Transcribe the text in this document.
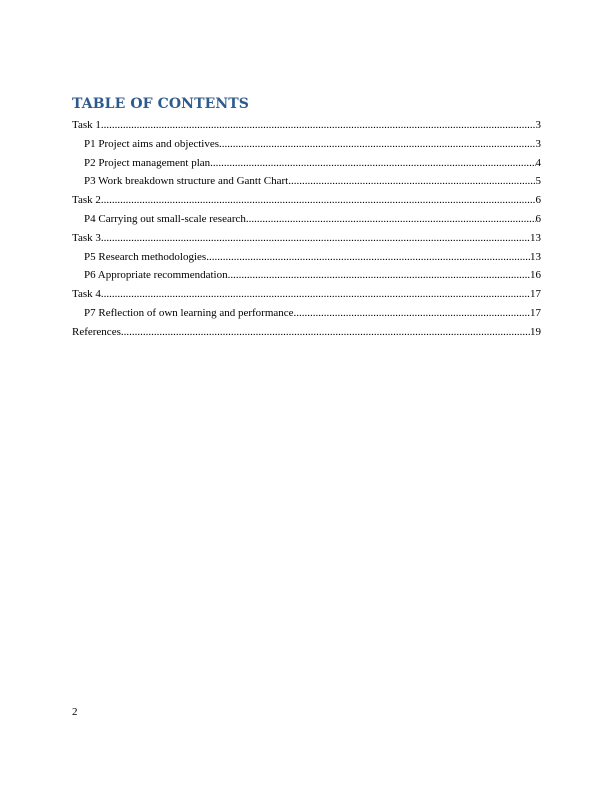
TABLE OF CONTENTS
Task 1 .....	3
P1 Project aims and objectives .....	3
P2 Project management plan .....	4
P3 Work breakdown structure and Gantt Chart .....	5
Task 2 .....	6
P4 Carrying out small-scale research .....	6
Task 3 .....	13
P5 Research methodologies .....	13
P6 Appropriate recommendation .....	16
Task 4 .....	17
P7 Reflection of own learning and performance .....	17
References .....	19
2
